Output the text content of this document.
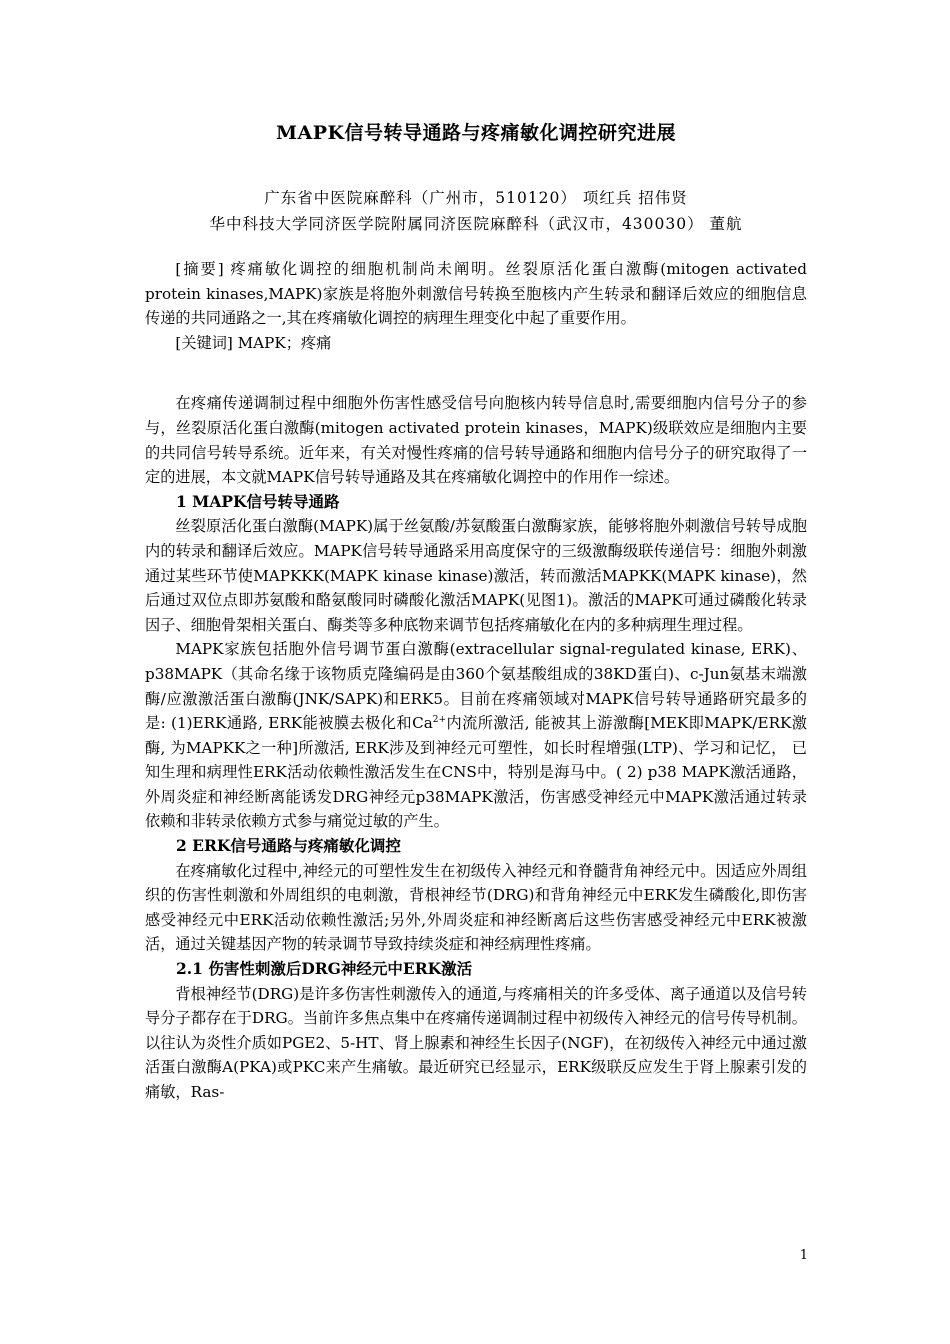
MAPK信号转导通路与疼痛敏化调控研究进展

广东省中医院麻醉科（广州市，510120） 项红兵 招伟贤

华中科技大学同济医学院附属同济医院麻醉科（武汉市，430030） 董航

[摘要] 疼痛敏化调控的细胞机制尚未阐明。丝裂原活化蛋白激酶(mitogen activated protein kinases,MAPK)家族是将胞外刺激信号转换至胞核内产生转录和翻译后效应的细胞信息传递的共同通路之一,其在疼痛敏化调控的病理生理变化中起了重要作用。

[关键词] MAPK；疼痛

在疼痛传递调制过程中细胞外伤害性感受信号向胞核内转导信息时,需要细胞内信号分子的参与，丝裂原活化蛋白激酶(mitogen activated protein kinases，MAPK)级联效应是细胞内主要的共同信号转导系统。近年来，有关对慢性疼痛的信号转导通路和细胞内信号分子的研究取得了一定的进展，本文就MAPK信号转导通路及其在疼痛敏化调控中的作用作一综述。

1 MAPK信号转导通路

丝裂原活化蛋白激酶(MAPK)属于丝氨酸/苏氨酸蛋白激酶家族，能够将胞外刺激信号转导成胞内的转录和翻译后效应。MAPK信号转导通路采用高度保守的三级激酶级联传递信号：细胞外刺激通过某些环节使MAPKKK(MAPK kinase kinase)激活，转而激活MAPKK(MAPK kinase)，然后通过双位点即苏氨酸和酪氨酸同时磷酸化激活MAPK(见图1)。激活的MAPK可通过磷酸化转录因子、细胞骨架相关蛋白、酶类等多种底物来调节包括疼痛敏化在内的多种病理生理过程。

MAPK家族包括胞外信号调节蛋白激酶(extracellular signal-regulated kinase, ERK)、p38MAPK（其命名缘于该物质克隆编码是由360个氨基酸组成的38KD蛋白)、c-Jun氨基末端激酶/应激激活蛋白激酶(JNK/SAPK)和ERK5。目前在疼痛领域对MAPK信号转导通路研究最多的是: (1)ERK通路, ERK能被膜去极化和$Ca^{2+}$内流所激活, 能被其上游激酶[MEK即MAPK/ERK激酶, 为MAPKK之一种]所激活, ERK涉及到神经元可塑性，如长时程增强(LTP)、学习和记忆， 已知生理和病理性ERK活动依赖性激活发生在CNS中，特别是海马中。( 2) p38 MAPK激活通路，外周炎症和神经断离能诱发DRG神经元p38MAPK激活，伤害感受神经元中MAPK激活通过转录依赖和非转录依赖方式参与痛觉过敏的产生。

2 ERK信号通路与疼痛敏化调控

在疼痛敏化过程中,神经元的可塑性发生在初级传入神经元和脊髓背角神经元中。因适应外周组织的伤害性刺激和外周组织的电刺激，背根神经节(DRG)和背角神经元中ERK发生磷酸化,即伤害感受神经元中ERK活动依赖性激活;另外,外周炎症和神经断离后这些伤害感受神经元中ERK被激活，通过关键基因产物的转录调节导致持续炎症和神经病理性疼痛。

2.1 伤害性刺激后DRG神经元中ERK激活

背根神经节(DRG)是许多伤害性刺激传入的通道,与疼痛相关的许多受体、离子通道以及信号转导分子都存在于DRG。当前许多焦点集中在疼痛传递调制过程中初级传入神经元的信号传导机制。以往认为炎性介质如PGE2、5-HT、肾上腺素和神经生长因子(NGF)，在初级传入神经元中通过激活蛋白激酶A(PKA)或PKC来产生痛敏。最近研究已经显示，ERK级联反应发生于肾上腺素引发的痛敏，Ras-

1
